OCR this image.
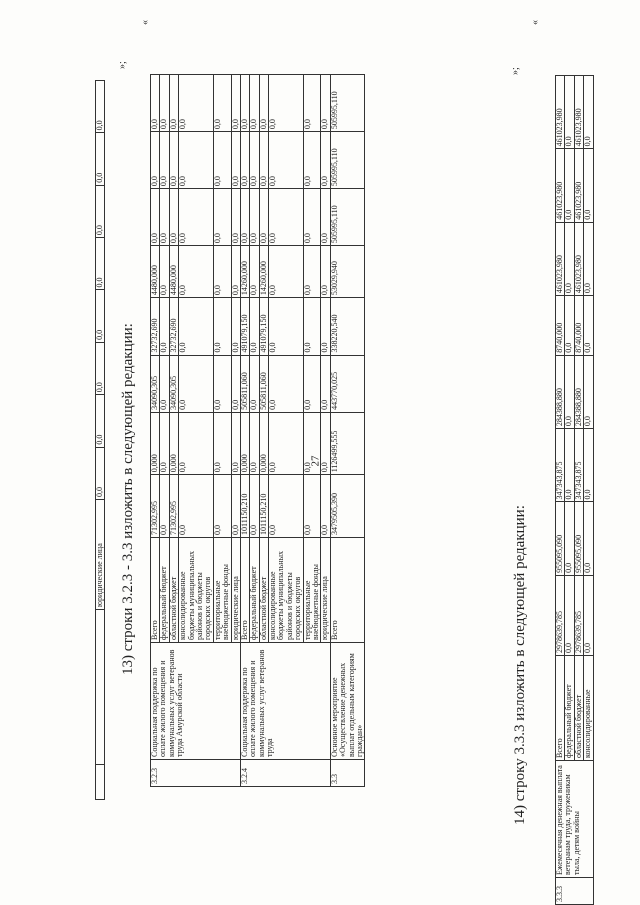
27
		юридические лица	0,0	0,0	0,0	0,0	0,0	0,0	0,0	0,0
»;
13) строки 3.2.3 - 3.3 изложить в следующей редакции:
«
3.2.3	Социальная поддержка по оплате жилого помещения и коммунальных услуг ветеранов труда Амурской области	Всего	71302,995	0,000	34090,305	32732,690	4480,000	0,0	0,0	0,0
		федеральный бюджет	0,0	0,0	0,0	0,0	0,0	0,0	0,0	0,0
		областной бюджет	71302,995	0,000	34090,305	32732,690	4480,000	0,0	0,0	0,0
		консолидированные бюджеты муниципальных районов и бюджеты городских округов	0,0	0,0	0,0	0,0	0,0	0,0	0,0	0,0
		территориальные внебюджетные фонды	0,0	0,0	0,0	0,0	0,0	0,0	0,0	0,0
		юридические лица	0,0	0,0	0,0	0,0	0,0	0,0	0,0	0,0
3.2.4	Социальная поддержка по оплате жилого помещения и коммунальных услуг ветеранов труда	Всего	1011150,210	0,000	505811,060	491079,150	14260,000	0,0	0,0	0,0
		федеральный бюджет	0,0	0,0	0,0	0,0	0,0	0,0	0,0	0,0
		областной бюджет	1011150,210	0,000	505811,060	491079,150	14260,000	0,0	0,0	0,0
		консолидированные бюджеты муниципальных районов и бюджеты городских округов	0,0	0,0	0,0	0,0	0,0	0,0	0,0	0,0
		территориальные внебюджетные фонды	0,0	0,0	0,0	0,0	0,0	0,0	0,0	0,0
		юридические лица	0,0	0,0	0,0	0,0	0,0	0,0	0,0	0,0
3.3	Основное мероприятие «Осуществление денежных выплат отдельным категориям граждан»	Всего	3479505,390	1126499,555	443770,025	338220,540	53029,940	505995,110	505995,110	505995,110
»;
14) строку 3.3.3 изложить в следующей редакции:
«
3.3.3	Ежемесячная денежная выплата ветеранам труда, труженикам тыла, детям войны	Всего	2978639,785	955095,090	347343,875	284388,880	8740,000	461023,980	461023,980	461023,980
		федеральный бюджет	0,0	0,0	0,0	0,0	0,0	0,0	0,0	0,0
		областной бюджет	2978639,785	955095,090	347343,875	284388,880	8740,000	461023,980	461023,980	461023,980
		консолидированные	0,0	0,0	0,0	0,0	0,0	0,0	0,0	0,0
